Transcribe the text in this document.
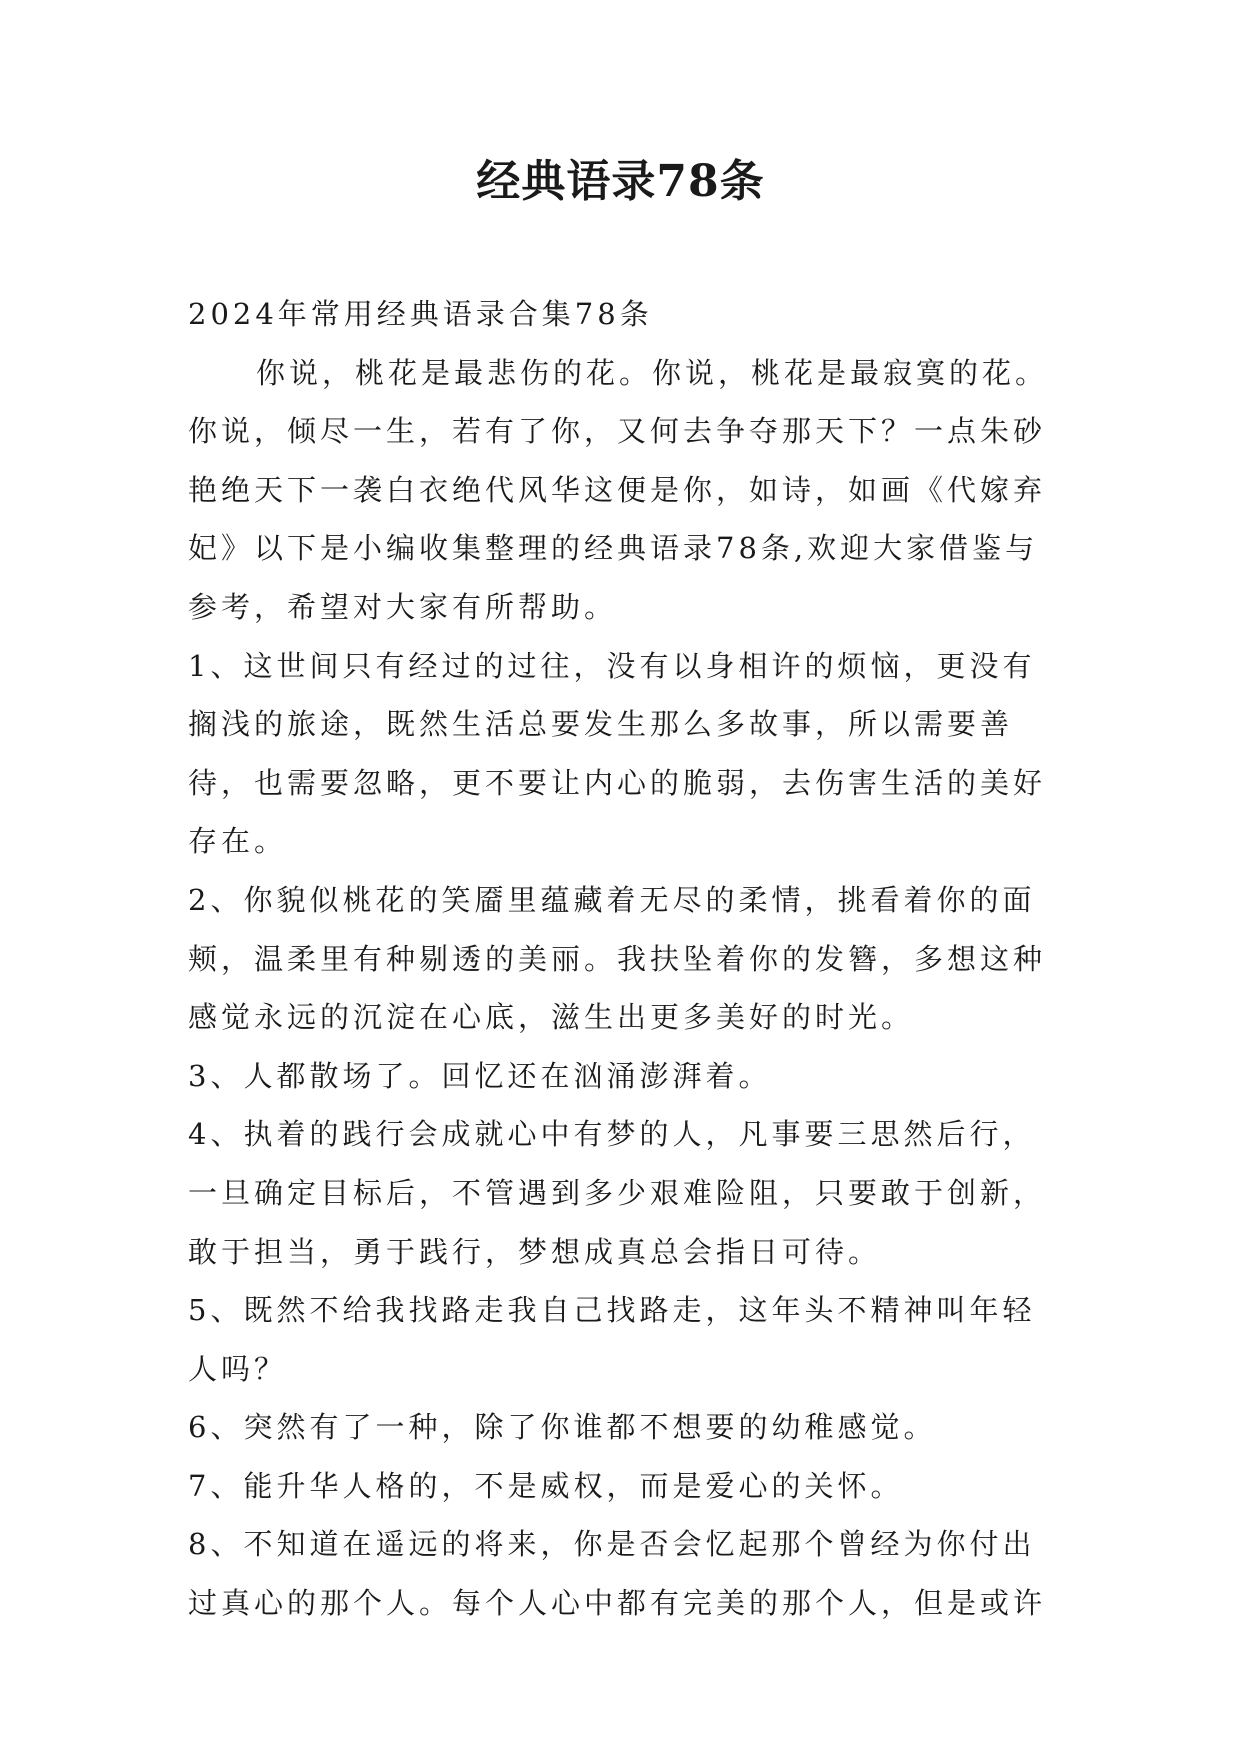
经典语录78条

2024年常用经典语录合集78条

你说，桃花是最悲伤的花。你说，桃花是最寂寞的花。你说，倾尽一生，若有了你，又何去争夺那天下？一点朱砂艳绝天下一袭白衣绝代风华这便是你，如诗，如画《代嫁弃妃》以下是小编收集整理的经典语录78条,欢迎大家借鉴与参考，希望对大家有所帮助。

1、这世间只有经过的过往，没有以身相许的烦恼，更没有搁浅的旅途，既然生活总要发生那么多故事，所以需要善待，也需要忽略，更不要让内心的脆弱，去伤害生活的美好存在。

2、你貌似桃花的笑靥里蕴藏着无尽的柔情，挑看着你的面颊，温柔里有种剔透的美丽。我扶坠着你的发簪，多想这种感觉永远的沉淀在心底，滋生出更多美好的时光。

3、人都散场了。回忆还在汹涌澎湃着。

4、执着的践行会成就心中有梦的人，凡事要三思然后行，一旦确定目标后，不管遇到多少艰难险阻，只要敢于创新，敢于担当，勇于践行，梦想成真总会指日可待。

5、既然不给我找路走我自己找路走，这年头不精神叫年轻人吗？

6、突然有了一种，除了你谁都不想要的幼稚感觉。

7、能升华人格的，不是威权，而是爱心的关怀。

8、不知道在遥远的将来，你是否会忆起那个曾经为你付出过真心的那个人。每个人心中都有完美的那个人，但是或许
